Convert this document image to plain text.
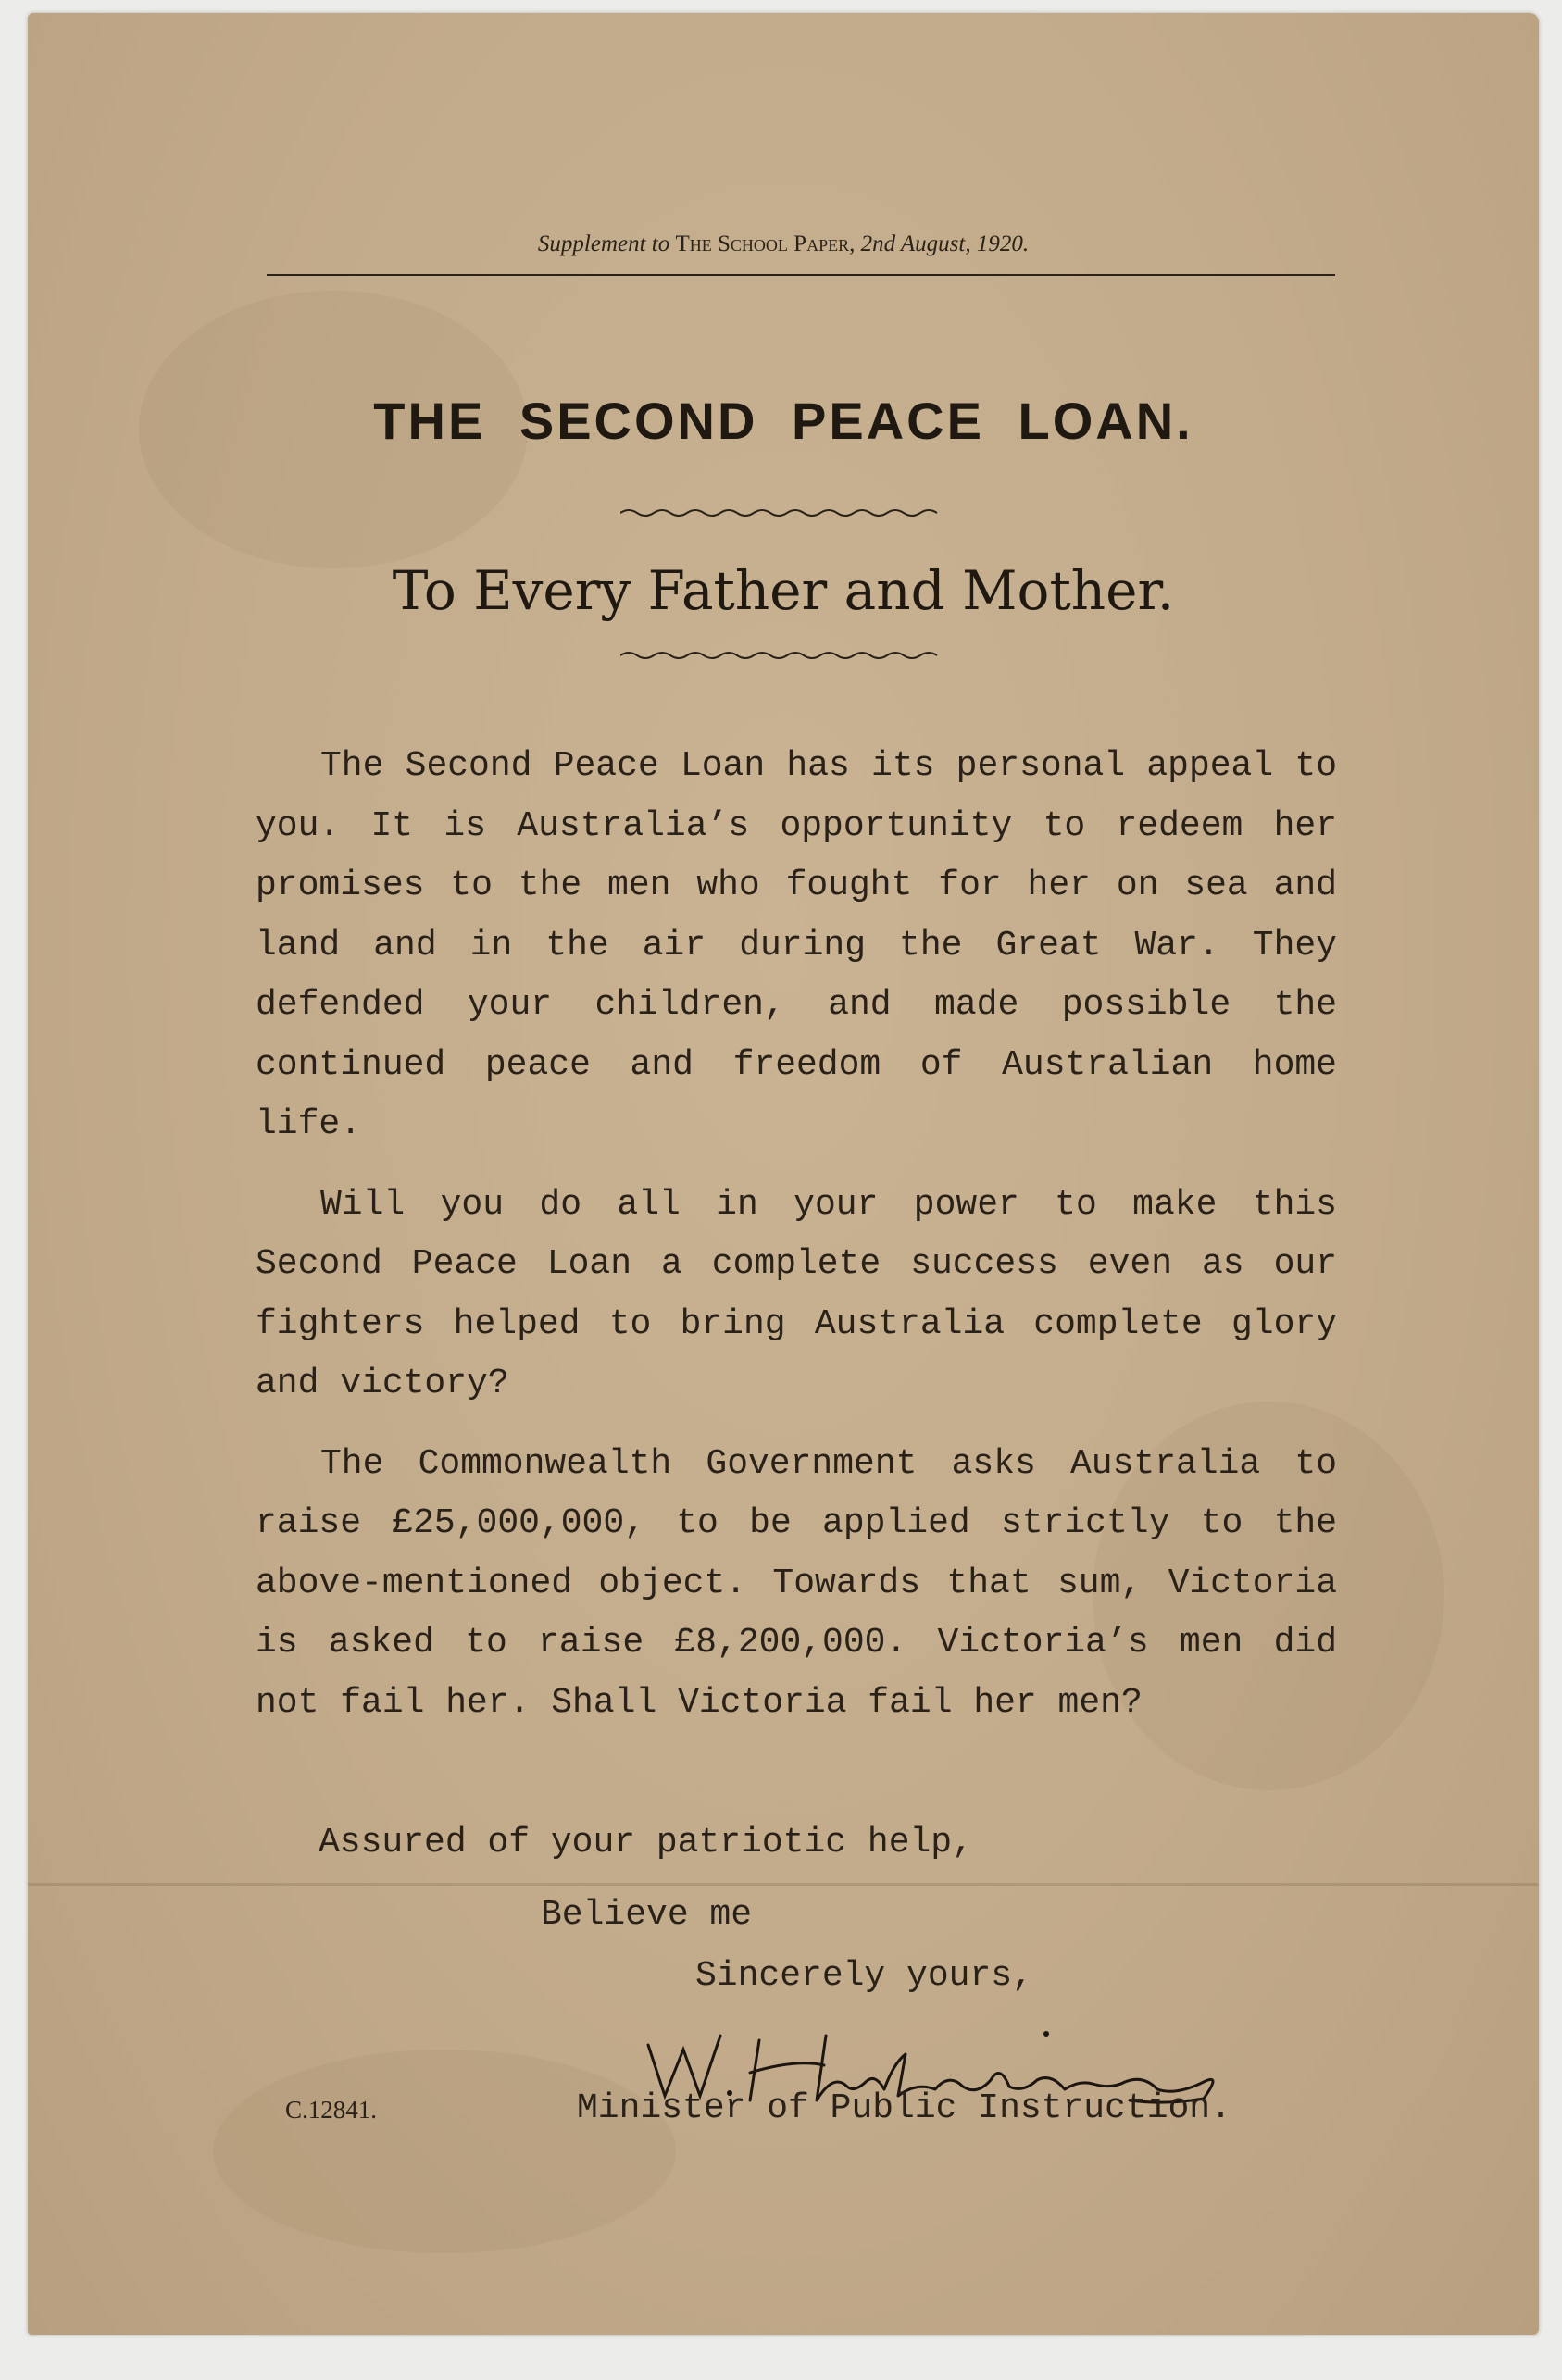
Supplement to The School Paper, 2nd August, 1920.
THE SECOND PEACE LOAN.
To Every Father and Mother.

The Second Peace Loan has its personal appeal to you. It is Australia’s opportunity to redeem her promises to the men who fought for her on sea and land and in the air during the Great War. They defended your children, and made possible the continued peace and freedom of Australian home life.

Will you do all in your power to make this Second Peace Loan a complete success even as our fighters helped to bring Australia complete glory and victory?

The Commonwealth Government asks Australia to raise £25,000,000, to be applied strictly to the above-mentioned object. Towards that sum, Victoria is asked to raise £8,200,000. Victoria’s men did not fail her. Shall Victoria fail her men?

Assured of your patriotic help,
Believe me
Sincerely yours,
C.12841.	Minister of Public Instruction.
